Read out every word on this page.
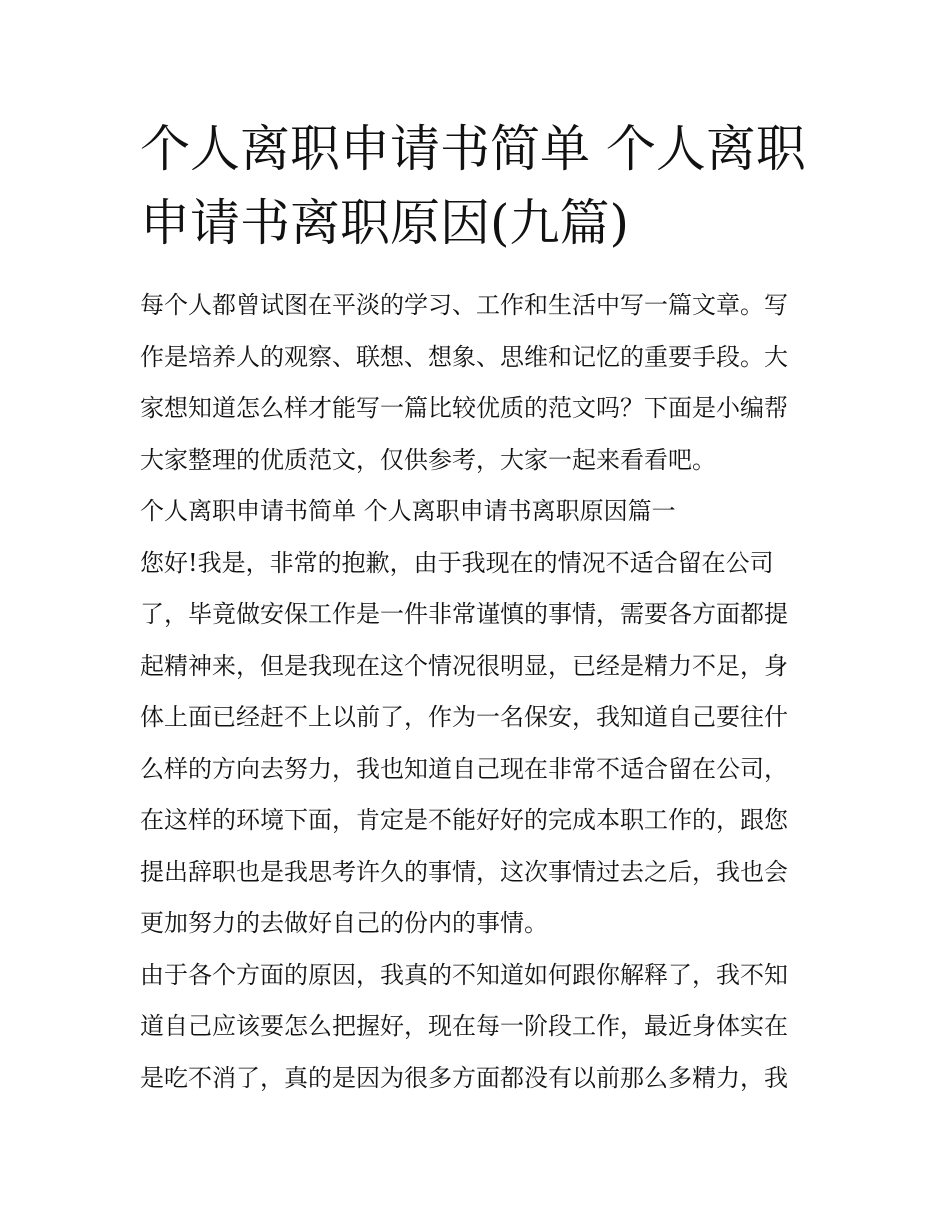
个人离职申请书简单 个人离职
申请书离职原因(九篇)
每个人都曾试图在平淡的学习、工作和生活中写一篇文章。写
作是培养人的观察、联想、想象、思维和记忆的重要手段。大
家想知道怎么样才能写一篇比较优质的范文吗？下面是小编帮
大家整理的优质范文，仅供参考，大家一起来看看吧。
个人离职申请书简单 个人离职申请书离职原因篇一
您好!我是，非常的抱歉，由于我现在的情况不适合留在公司
了，毕竟做安保工作是一件非常谨慎的事情，需要各方面都提
起精神来，但是我现在这个情况很明显，已经是精力不足，身
体上面已经赶不上以前了，作为一名保安，我知道自己要往什
么样的方向去努力，我也知道自己现在非常不适合留在公司，
在这样的环境下面，肯定是不能好好的完成本职工作的，跟您
提出辞职也是我思考许久的事情，这次事情过去之后，我也会
更加努力的去做好自己的份内的事情。
由于各个方面的原因，我真的不知道如何跟你解释了，我不知
道自己应该要怎么把握好，现在每一阶段工作，最近身体实在
是吃不消了，真的是因为很多方面都没有以前那么多精力，我
